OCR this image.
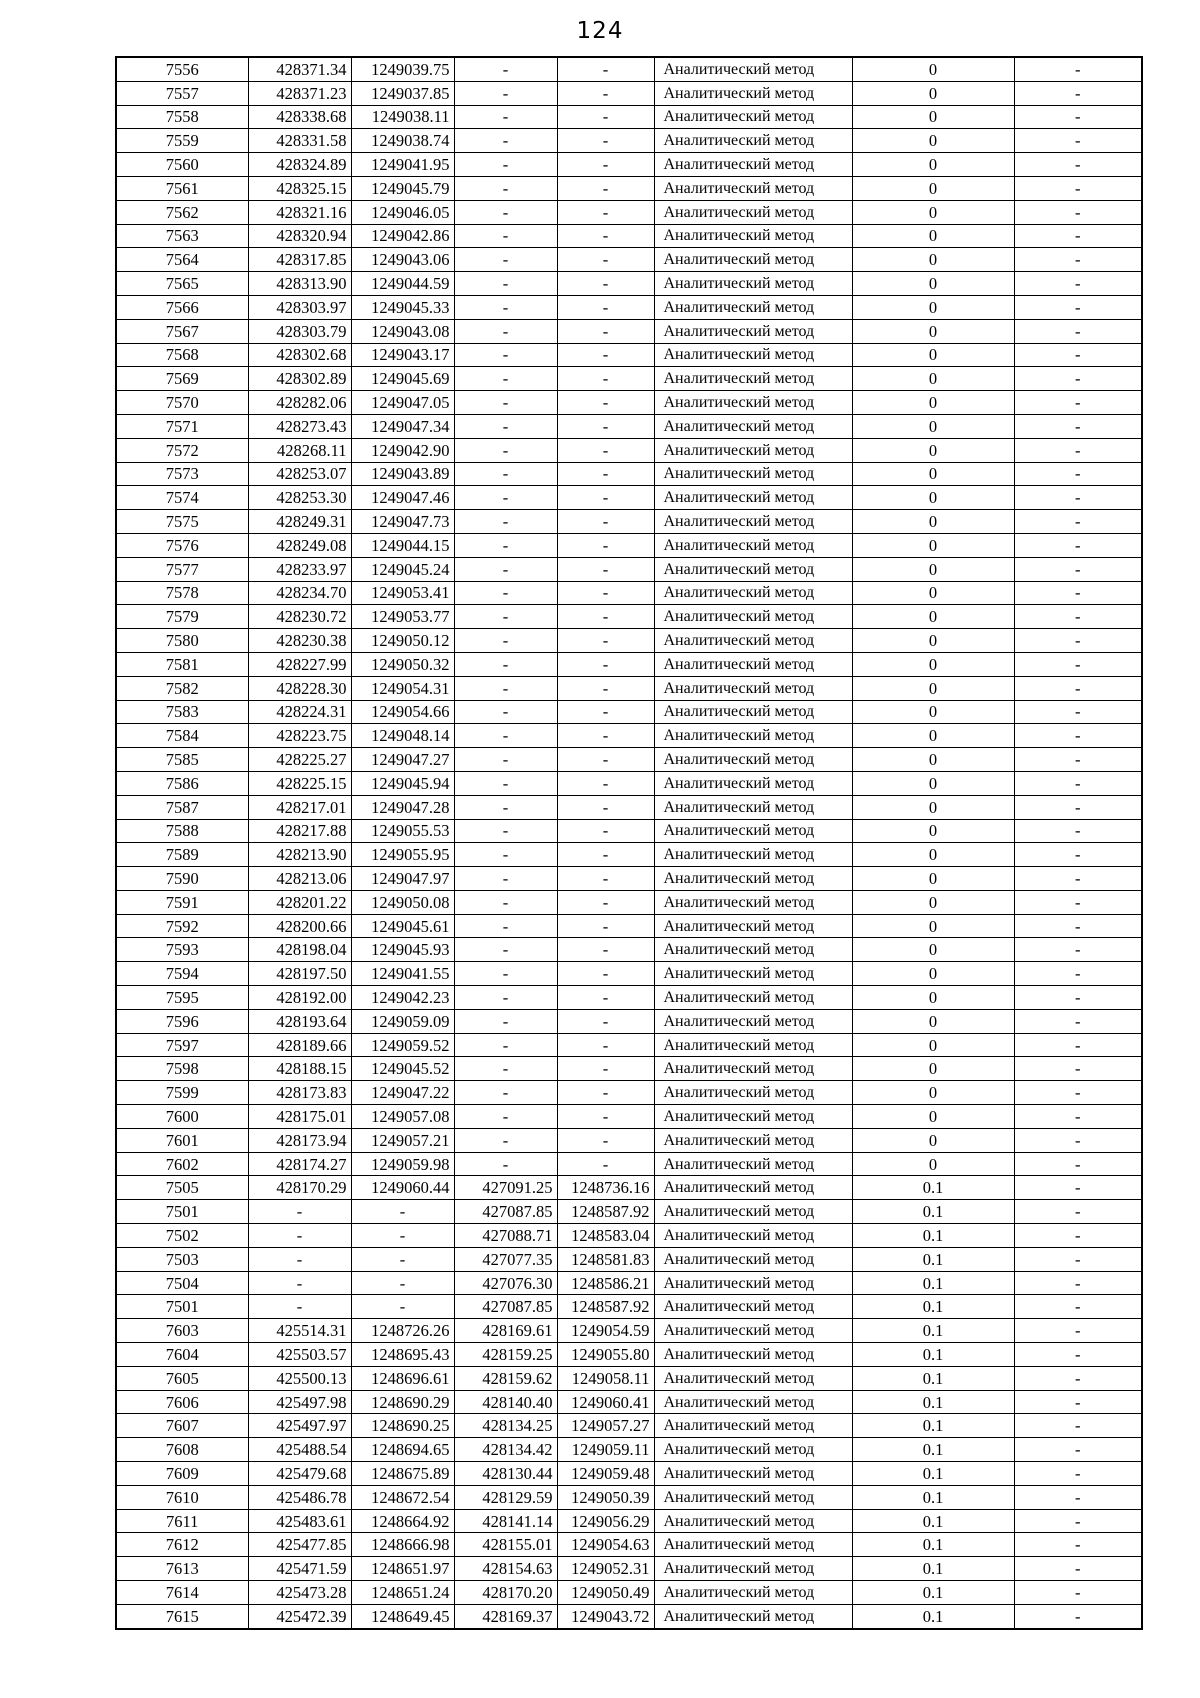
124
7556	428371.34	1249039.75	-	-	Аналитический метод	0	-
7557	428371.23	1249037.85	-	-	Аналитический метод	0	-
7558	428338.68	1249038.11	-	-	Аналитический метод	0	-
7559	428331.58	1249038.74	-	-	Аналитический метод	0	-
7560	428324.89	1249041.95	-	-	Аналитический метод	0	-
7561	428325.15	1249045.79	-	-	Аналитический метод	0	-
7562	428321.16	1249046.05	-	-	Аналитический метод	0	-
7563	428320.94	1249042.86	-	-	Аналитический метод	0	-
7564	428317.85	1249043.06	-	-	Аналитический метод	0	-
7565	428313.90	1249044.59	-	-	Аналитический метод	0	-
7566	428303.97	1249045.33	-	-	Аналитический метод	0	-
7567	428303.79	1249043.08	-	-	Аналитический метод	0	-
7568	428302.68	1249043.17	-	-	Аналитический метод	0	-
7569	428302.89	1249045.69	-	-	Аналитический метод	0	-
7570	428282.06	1249047.05	-	-	Аналитический метод	0	-
7571	428273.43	1249047.34	-	-	Аналитический метод	0	-
7572	428268.11	1249042.90	-	-	Аналитический метод	0	-
7573	428253.07	1249043.89	-	-	Аналитический метод	0	-
7574	428253.30	1249047.46	-	-	Аналитический метод	0	-
7575	428249.31	1249047.73	-	-	Аналитический метод	0	-
7576	428249.08	1249044.15	-	-	Аналитический метод	0	-
7577	428233.97	1249045.24	-	-	Аналитический метод	0	-
7578	428234.70	1249053.41	-	-	Аналитический метод	0	-
7579	428230.72	1249053.77	-	-	Аналитический метод	0	-
7580	428230.38	1249050.12	-	-	Аналитический метод	0	-
7581	428227.99	1249050.32	-	-	Аналитический метод	0	-
7582	428228.30	1249054.31	-	-	Аналитический метод	0	-
7583	428224.31	1249054.66	-	-	Аналитический метод	0	-
7584	428223.75	1249048.14	-	-	Аналитический метод	0	-
7585	428225.27	1249047.27	-	-	Аналитический метод	0	-
7586	428225.15	1249045.94	-	-	Аналитический метод	0	-
7587	428217.01	1249047.28	-	-	Аналитический метод	0	-
7588	428217.88	1249055.53	-	-	Аналитический метод	0	-
7589	428213.90	1249055.95	-	-	Аналитический метод	0	-
7590	428213.06	1249047.97	-	-	Аналитический метод	0	-
7591	428201.22	1249050.08	-	-	Аналитический метод	0	-
7592	428200.66	1249045.61	-	-	Аналитический метод	0	-
7593	428198.04	1249045.93	-	-	Аналитический метод	0	-
7594	428197.50	1249041.55	-	-	Аналитический метод	0	-
7595	428192.00	1249042.23	-	-	Аналитический метод	0	-
7596	428193.64	1249059.09	-	-	Аналитический метод	0	-
7597	428189.66	1249059.52	-	-	Аналитический метод	0	-
7598	428188.15	1249045.52	-	-	Аналитический метод	0	-
7599	428173.83	1249047.22	-	-	Аналитический метод	0	-
7600	428175.01	1249057.08	-	-	Аналитический метод	0	-
7601	428173.94	1249057.21	-	-	Аналитический метод	0	-
7602	428174.27	1249059.98	-	-	Аналитический метод	0	-
7505	428170.29	1249060.44	427091.25	1248736.16	Аналитический метод	0.1	-
7501	-	-	427087.85	1248587.92	Аналитический метод	0.1	-
7502	-	-	427088.71	1248583.04	Аналитический метод	0.1	-
7503	-	-	427077.35	1248581.83	Аналитический метод	0.1	-
7504	-	-	427076.30	1248586.21	Аналитический метод	0.1	-
7501	-	-	427087.85	1248587.92	Аналитический метод	0.1	-
7603	425514.31	1248726.26	428169.61	1249054.59	Аналитический метод	0.1	-
7604	425503.57	1248695.43	428159.25	1249055.80	Аналитический метод	0.1	-
7605	425500.13	1248696.61	428159.62	1249058.11	Аналитический метод	0.1	-
7606	425497.98	1248690.29	428140.40	1249060.41	Аналитический метод	0.1	-
7607	425497.97	1248690.25	428134.25	1249057.27	Аналитический метод	0.1	-
7608	425488.54	1248694.65	428134.42	1249059.11	Аналитический метод	0.1	-
7609	425479.68	1248675.89	428130.44	1249059.48	Аналитический метод	0.1	-
7610	425486.78	1248672.54	428129.59	1249050.39	Аналитический метод	0.1	-
7611	425483.61	1248664.92	428141.14	1249056.29	Аналитический метод	0.1	-
7612	425477.85	1248666.98	428155.01	1249054.63	Аналитический метод	0.1	-
7613	425471.59	1248651.97	428154.63	1249052.31	Аналитический метод	0.1	-
7614	425473.28	1248651.24	428170.20	1249050.49	Аналитический метод	0.1	-
7615	425472.39	1248649.45	428169.37	1249043.72	Аналитический метод	0.1	-
